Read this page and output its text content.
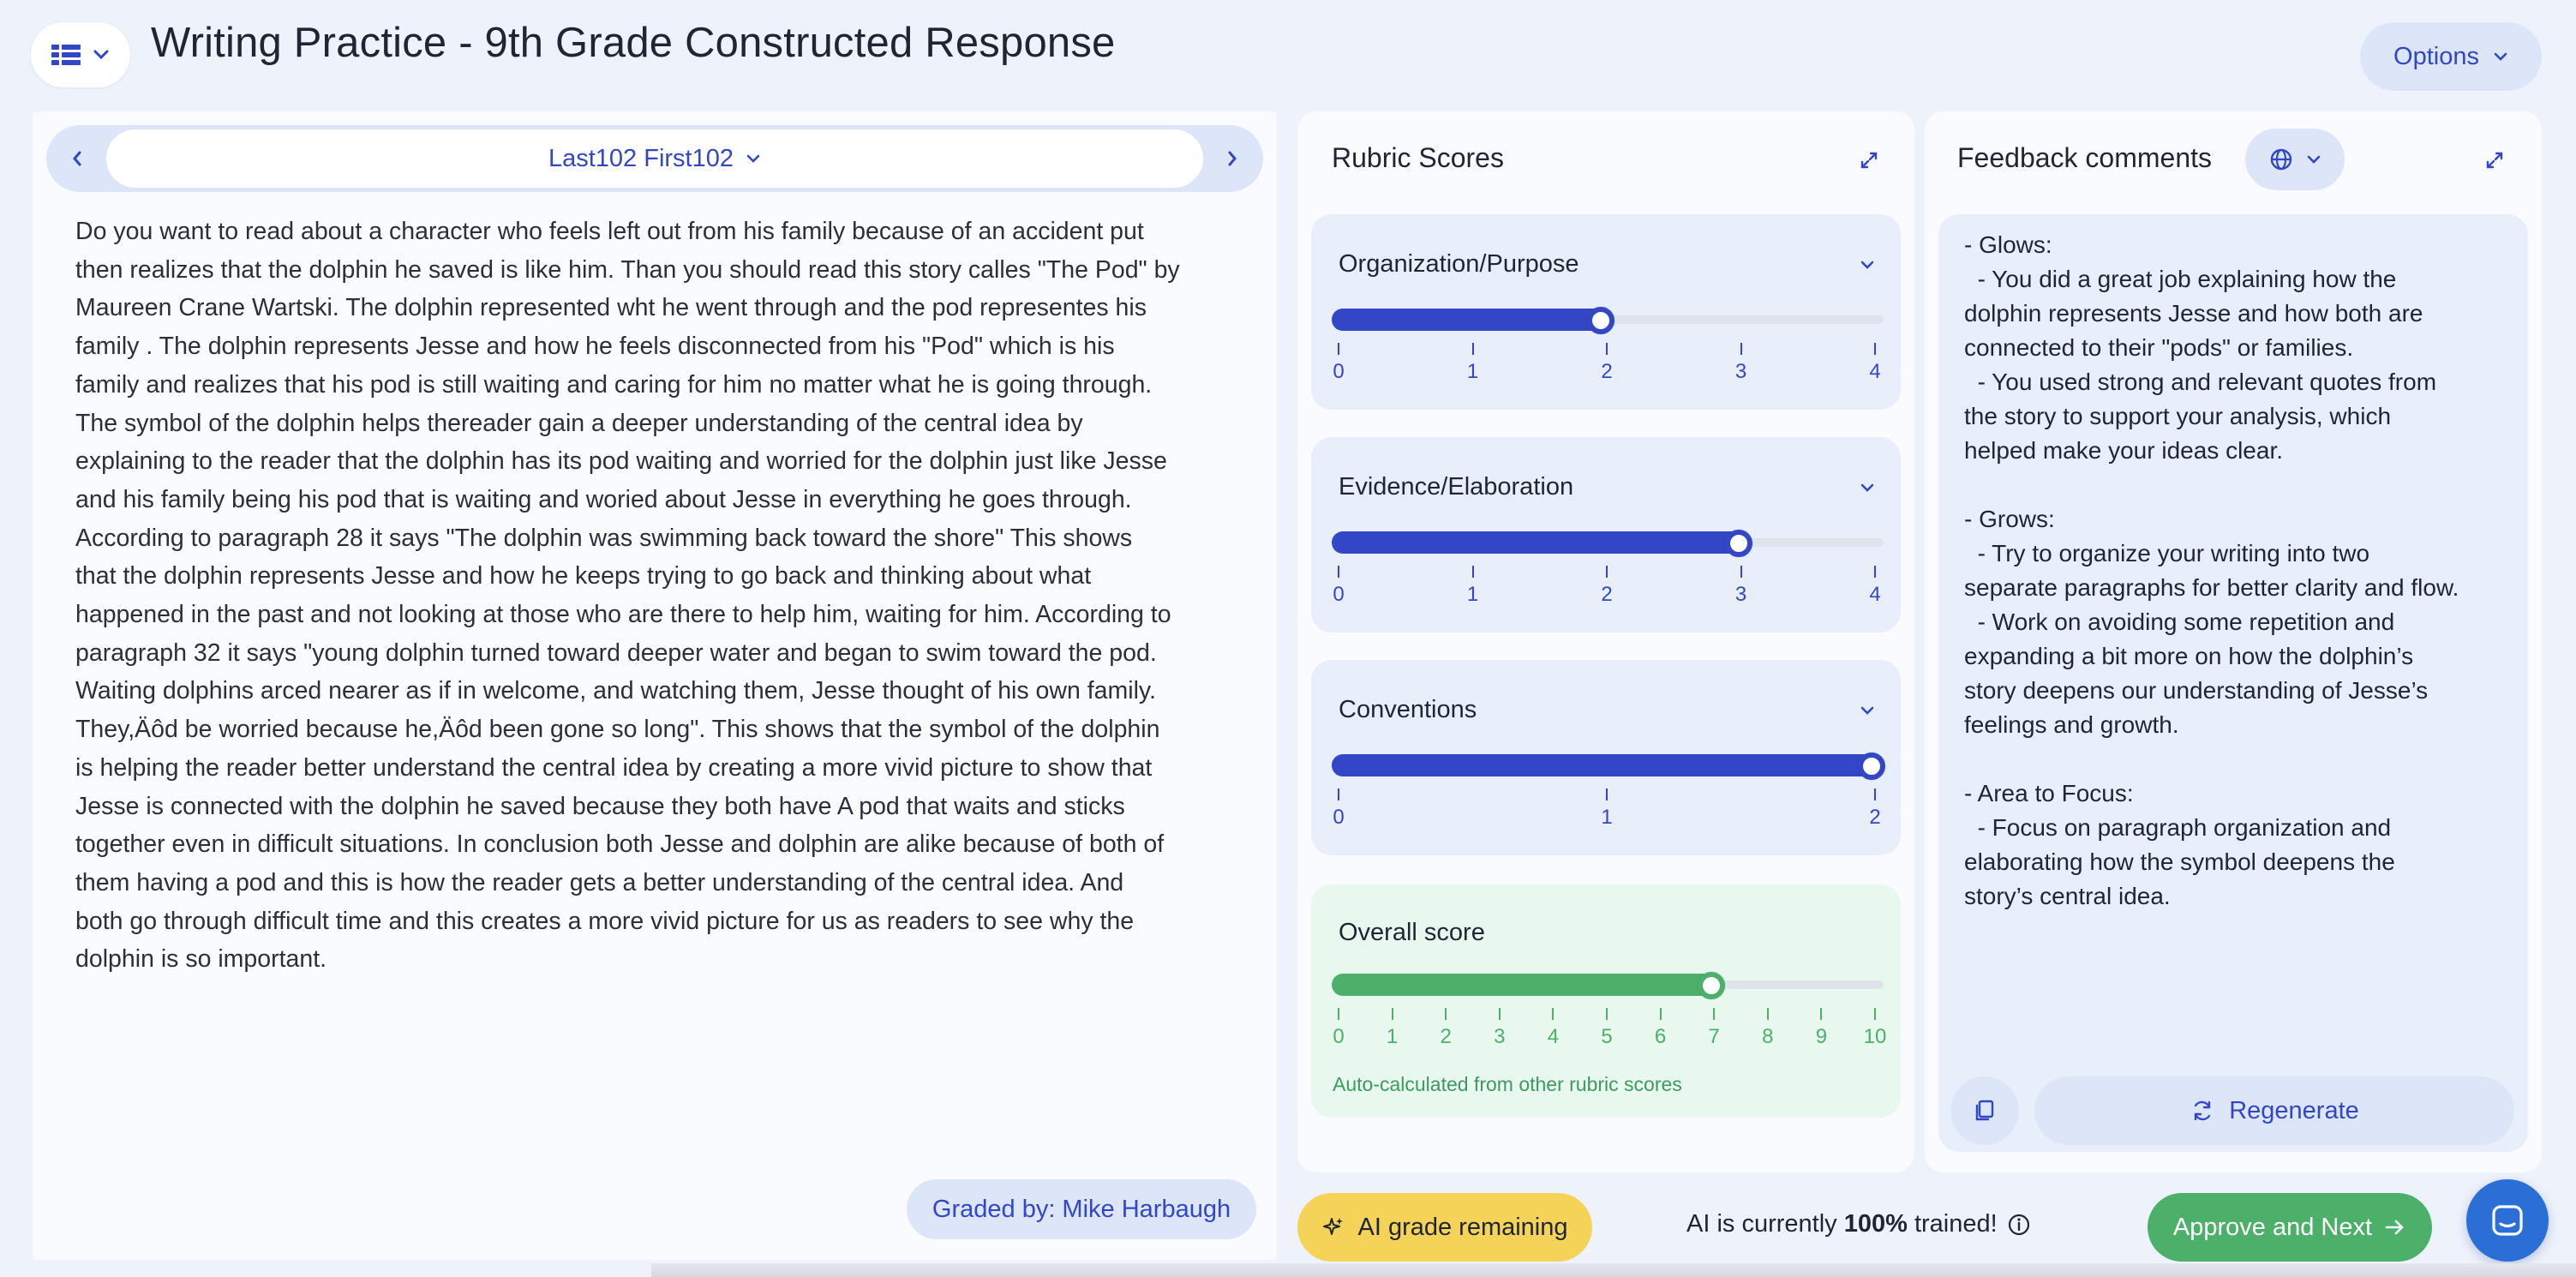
Writing Practice - 9th Grade Constructed Response	Options
Last102 First102
Do you want to read about a character who feels left out from his family because of an accident put
then realizes that the dolphin he saved is like him. Than you should read this story calles "The Pod" by
Maureen Crane Wartski. The dolphin represented wht he went through and the pod representes his
family . The dolphin represents Jesse and how he feels disconnected from his "Pod" which is his
family and realizes that his pod is still waiting and caring for him no matter what he is going through.
The symbol of the dolphin helps thereader gain a deeper understanding of the central idea by
explaining to the reader that the dolphin has its pod waiting and worried for the dolphin just like Jesse
and his family being his pod that is waiting and woried about Jesse in everything he goes through.
According to paragraph 28 it says "The dolphin was swimming back toward the shore" This shows
that the dolphin represents Jesse and how he keeps trying to go back and thinking about what
happened in the past and not looking at those who are there to help him, waiting for him. According to
paragraph 32 it says "young dolphin turned toward deeper water and began to swim toward the pod.
Waiting dolphins arced nearer as if in welcome, and watching them, Jesse thought of his own family.
They,Äôd be worried because he,Äôd been gone so long". This shows that the symbol of the dolphin
is helping the reader better understand the central idea by creating a more vivid picture to show that
Jesse is connected with the dolphin he saved because they both have A pod that waits and sticks
together even in difficult situations. In conclusion both Jesse and dolphin are alike because of both of
them having a pod and this is how the reader gets a better understanding of the central idea. And
both go through difficult time and this creates a more vivid picture for us as readers to see why the
dolphin is so important.
Graded by: Mike Harbaugh
Rubric Scores
Organization/Purpose
0	1	2	3	4
Evidence/Elaboration
0	1	2	3	4
Conventions
0	1	2
Overall score
0	1	2	3	4	5	6	7	8	9	10
Auto-calculated from other rubric scores
Feedback comments
- Glows:
- You did a great job explaining how the
dolphin represents Jesse and how both are
connected to their "pods" or families.
- You used strong and relevant quotes from
the story to support your analysis, which
helped make your ideas clear.

- Grows:
- Try to organize your writing into two
separate paragraphs for better clarity and flow.
- Work on avoiding some repetition and
expanding a bit more on how the dolphin’s
story deepens our understanding of Jesse’s
feelings and growth.

- Area to Focus:
- Focus on paragraph organization and
elaborating how the symbol deepens the
story’s central idea.
Regenerate
AI grade remaining	AI is currently 100% trained!	Approve and Next
